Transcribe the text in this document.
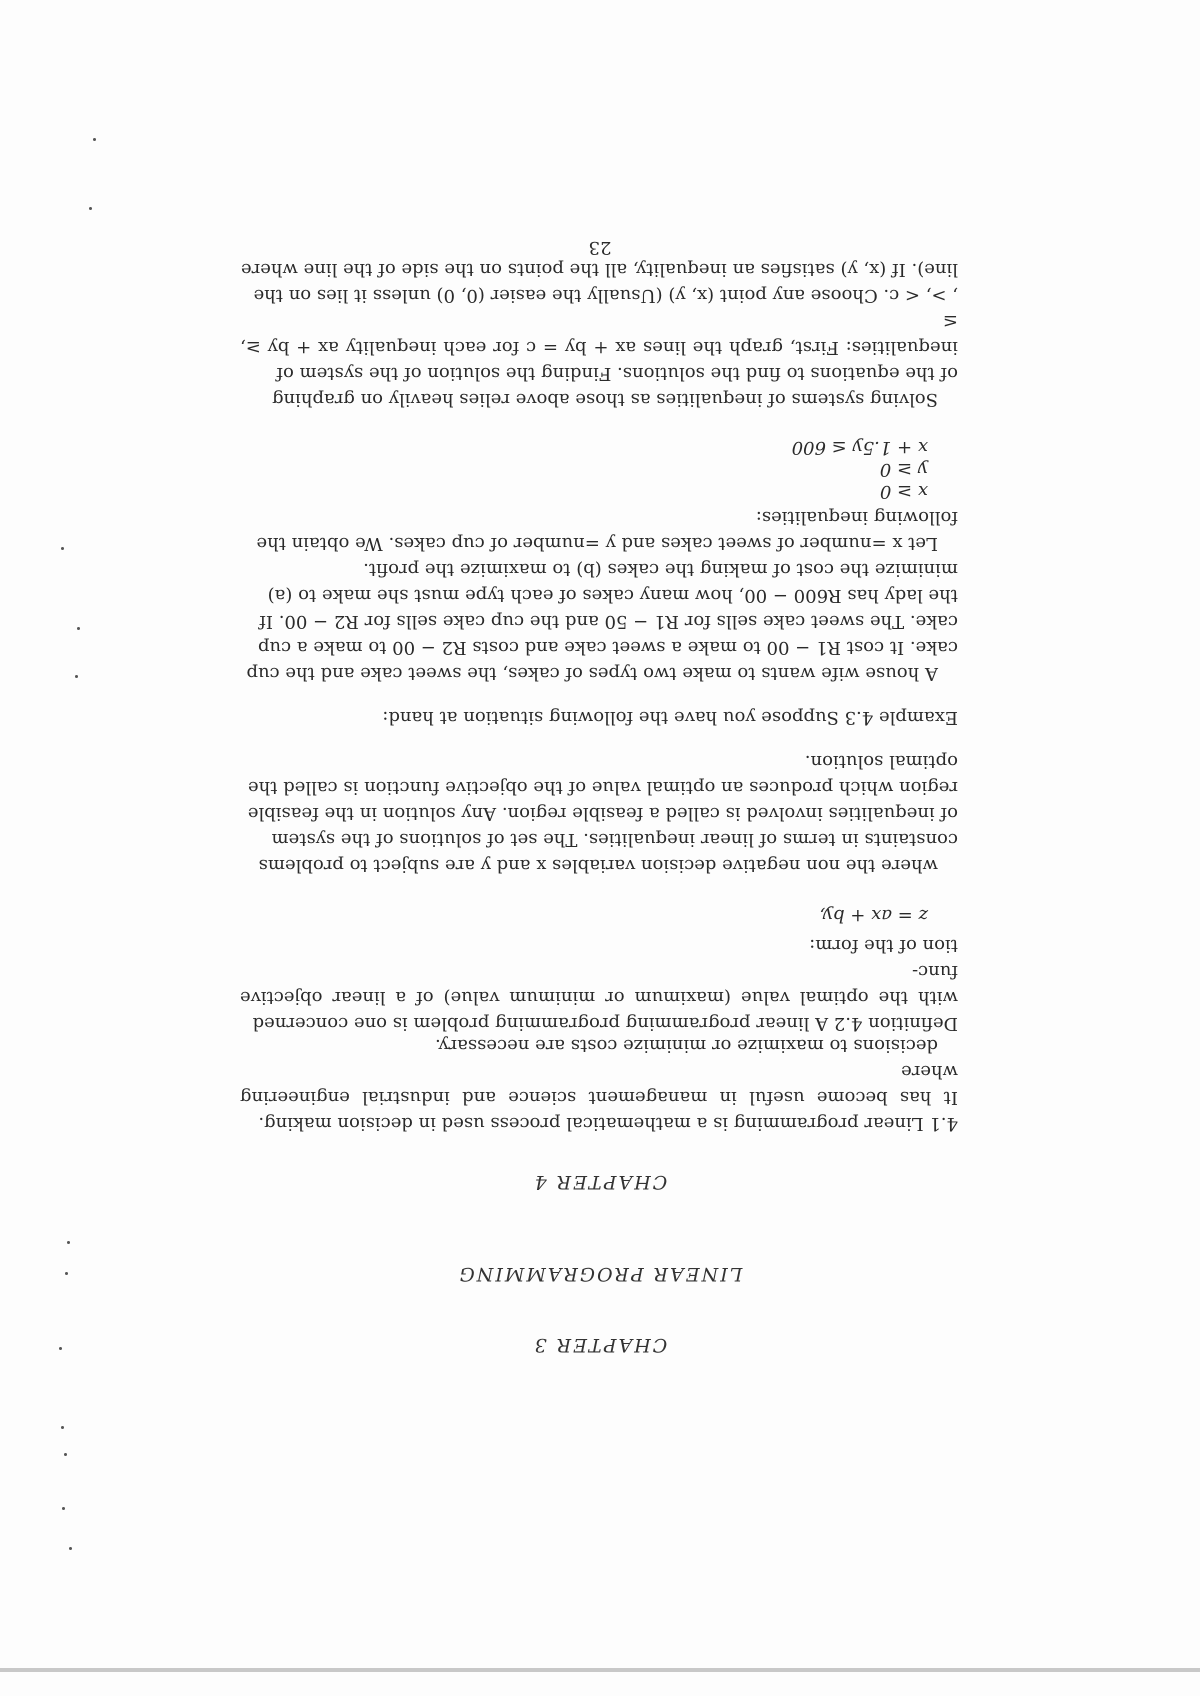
CHAPTER 3
LINEAR PROGRAMMING
CHAPTER 4

4.1 Linear programming is a mathematical process used in decision making.

It has become useful in management science and industrial engineering where

decisions to maximize or minimize costs are necessary.

Definition 4.2 A linear programming programming problem is one concerned

with the optimal value (maximum or minimum value) of a linear objective func-

tion of the form:

z = ax + by,

where the non negative decision variables x and y are subject to problems

constaints in terms of linear inequalities. The set of solutions of the system

of inequalities involved is called a feasible region. Any solution in the feasible

region which produces an optimal value of the objective function is called the

optimal solution.

Example 4.3 Suppose you have the following situation at hand:

A house wife wants to make two types of cakes, the sweet cake and the cup

cake. It cost R1 − 00 to make a sweet cake and costs R2 − 00 to make a cup

cake. The sweet cake sells for R1 − 50 and the cup cake sells for R2 − 00. If

the lady has R600 − 00, how many cakes of each type must she make to (a)

minimize the cost of making the cakes (b) to maximize the profit.

Let x =number of sweet cakes and y =number of cup cakes. We obtain the

following inequalities:

x ≥ 0
y ≥ 0
x + 1.5y ≤ 600

Solving systems of inequalities as those above relies heavily on graphing

of the equations to find the solutions. Finding the solution of the system of

inequalities: First, graph the lines ax + by = c for each inequality ax + by ≥, ≤

, >, < c. Choose any point (x, y) (Usually the easier (0, 0) unless it lies on the

line). If (x, y) satisfies an inequality, all the points on the side of the line where

23
